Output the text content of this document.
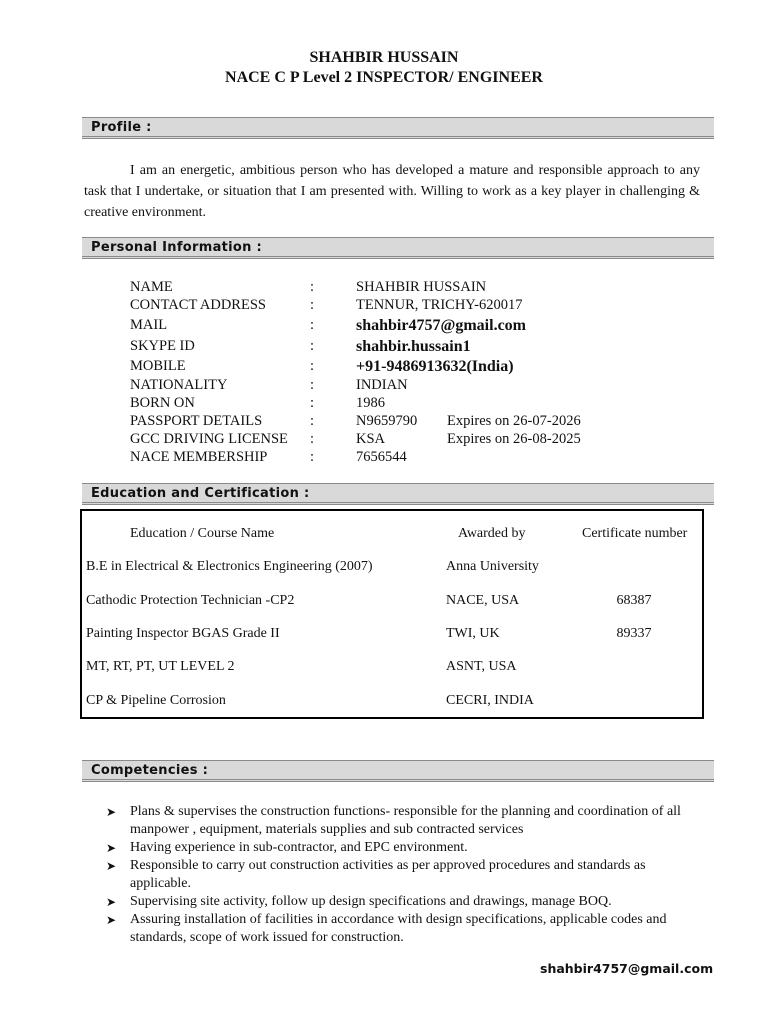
SHAHBIR HUSSAIN
NACE C P Level 2 INSPECTOR/ ENGINEER
Profile :
I am an energetic, ambitious person who has developed a mature and responsible approach to any task that I undertake, or situation that I am presented with. Willing to work as a key player in challenging & creative environment.
Personal Information :
NAME	:	SHAHBIR HUSSAIN
CONTACT ADDRESS	:	TENNUR, TRICHY-620017
MAIL	:	shahbir4757@gmail.com
SKYPE ID	:	shahbir.hussain1
MOBILE	:	+91-9486913632(India)
NATIONALITY	:	INDIAN
BORN ON	:	1986
PASSPORT DETAILS	:	N9659790 Expires on 26-07-2026
GCC DRIVING LICENSE :	KSA	Expires on 26-08-2025
NACE MEMBERSHIP	:	7656544
Education and Certification :
Education / Course Name	Awarded by	Certificate number
B.E in Electrical & Electronics Engineering (2007)	Anna University
Cathodic Protection Technician -CP2	NACE, USA	68387
Painting Inspector BGAS Grade II	TWI, UK	89337
MT, RT, PT, UT LEVEL 2	ASNT, USA
CP & Pipeline Corrosion	CECRI, INDIA
Competencies :
➤ Plans & supervises the construction functions- responsible for the planning and coordination of all manpower , equipment, materials supplies and sub contracted services
➤ Having experience in sub-contractor, and EPC environment.
➤ Responsible to carry out construction activities as per approved procedures and standards as applicable.
➤ Supervising site activity, follow up design specifications and drawings, manage BOQ.
➤ Assuring installation of facilities in accordance with design specifications, applicable codes and standards, scope of work issued for construction.
shahbir4757@gmail.com
